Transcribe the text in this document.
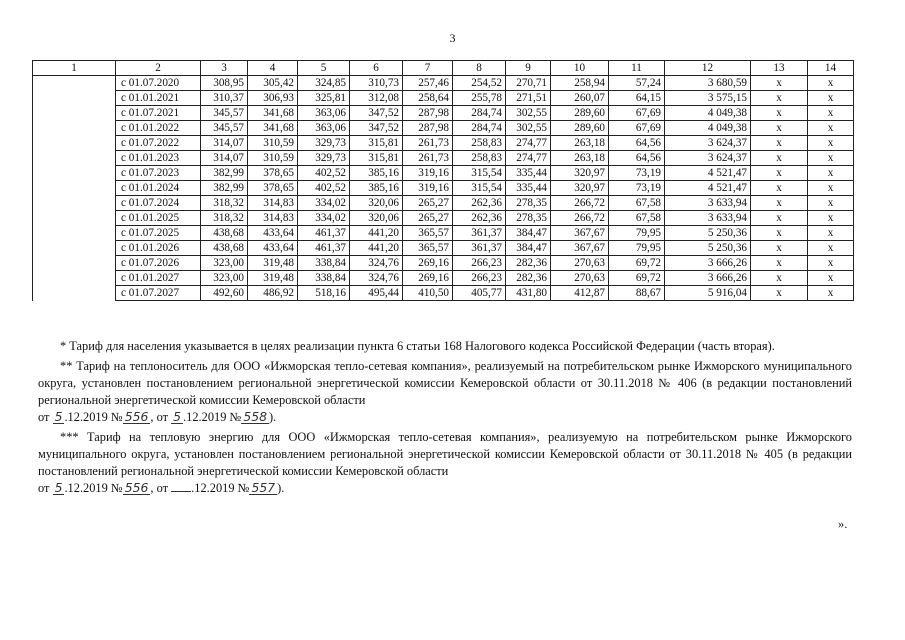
3
1	2	3	4	5	6	7	8	9	10	11	12	13	14
	с 01.07.2020	308,95	305,42	324,85	310,73	257,46	254,52	270,71	258,94	57,24	3 680,59	х	х
	с 01.01.2021	310,37	306,93	325,81	312,08	258,64	255,78	271,51	260,07	64,15	3 575,15	х	х
	с 01.07.2021	345,57	341,68	363,06	347,52	287,98	284,74	302,55	289,60	67,69	4 049,38	х	х
	с 01.01.2022	345,57	341,68	363,06	347,52	287,98	284,74	302,55	289,60	67,69	4 049,38	х	х
	с 01.07.2022	314,07	310,59	329,73	315,81	261,73	258,83	274,77	263,18	64,56	3 624,37	х	х
	с 01.01.2023	314,07	310,59	329,73	315,81	261,73	258,83	274,77	263,18	64,56	3 624,37	х	х
	с 01.07.2023	382,99	378,65	402,52	385,16	319,16	315,54	335,44	320,97	73,19	4 521,47	х	х
	с 01.01.2024	382,99	378,65	402,52	385,16	319,16	315,54	335,44	320,97	73,19	4 521,47	х	х
	с 01.07.2024	318,32	314,83	334,02	320,06	265,27	262,36	278,35	266,72	67,58	3 633,94	х	х
	с 01.01.2025	318,32	314,83	334,02	320,06	265,27	262,36	278,35	266,72	67,58	3 633,94	х	х
	с 01.07.2025	438,68	433,64	461,37	441,20	365,57	361,37	384,47	367,67	79,95	5 250,36	х	х
	с 01.01.2026	438,68	433,64	461,37	441,20	365,57	361,37	384,47	367,67	79,95	5 250,36	х	х
	с 01.07.2026	323,00	319,48	338,84	324,76	269,16	266,23	282,36	270,63	69,72	3 666,26	х	х
	с 01.01.2027	323,00	319,48	338,84	324,76	269,16	266,23	282,36	270,63	69,72	3 666,26	х	х
	с 01.07.2027	492,60	486,92	518,16	495,44	410,50	405,77	431,80	412,87	88,67	5 916,04	х	х

* Тариф для населения указывается в целях реализации пункта 6 статьи 168 Налогового кодекса Российской Федерации (часть вторая).

** Тариф на теплоноситель для ООО «Ижморская тепло-сетевая компания», реализуемый на потребительском рынке Ижморского муниципального округа, установлен постановлением региональной энергетической комиссии Кемеровской области от 30.11.2018 № 406 (в редакции постановлений региональной энергетической комиссии Кемеровской области
от 5 .12.2019 № 556 , от 5 .12.2019 № 558 ).

*** Тариф на тепловую энергию для ООО «Ижморская тепло-сетевая компания», реализуемую на потребительском рынке Ижморского муниципального округа, установлен постановлением региональной энергетической комиссии Кемеровской области от 30.11.2018 № 405 (в редакции постановлений региональной энергетической комиссии Кемеровской области
от 5 .12.2019 № 556 , от .12.2019 № 557 ).

».
